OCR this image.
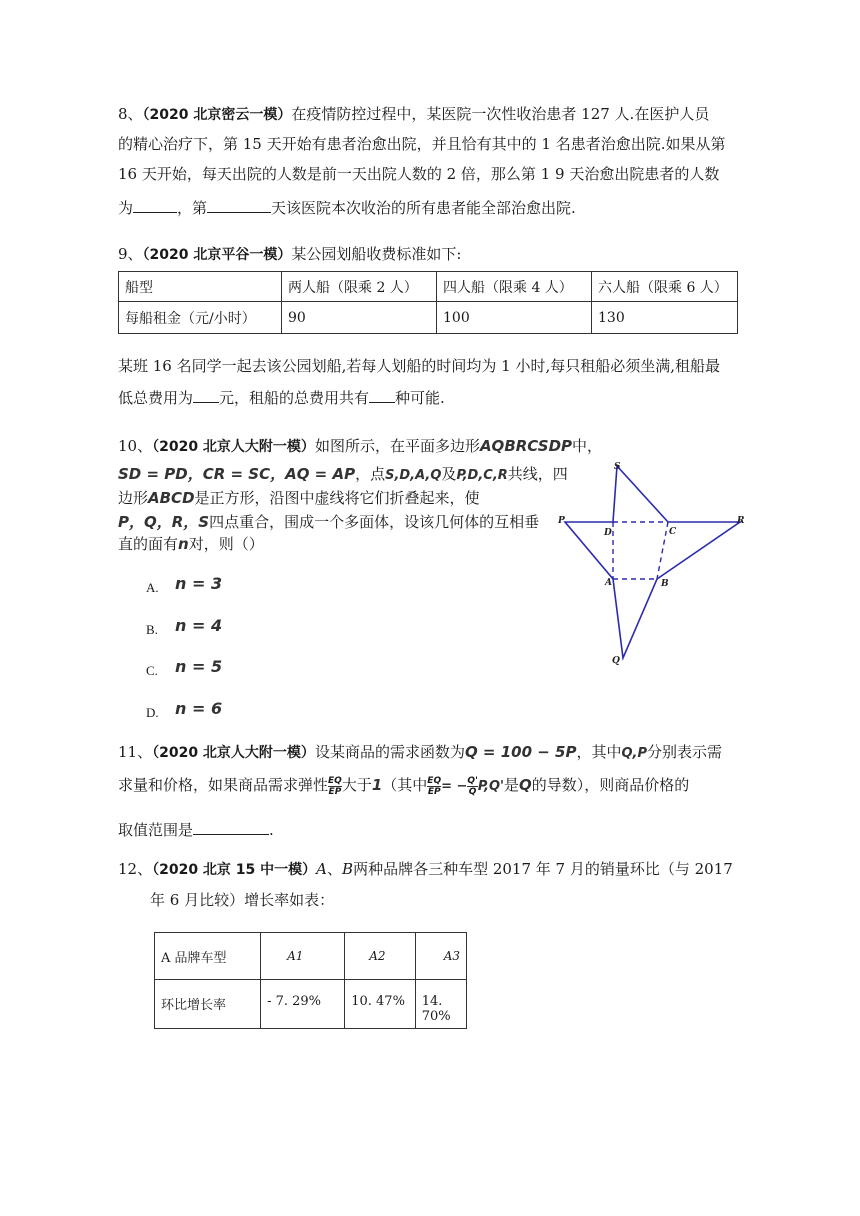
8、（2020 北京密云一模）在疫情防控过程中，某医院一次性收治患者 127 人.在医护人员
的精心治疗下，第 15 天开始有患者治愈出院，并且恰有其中的 1 名患者治愈出院.如果从第
16 天开始，每天出院的人数是前一天出院人数的 2 倍，那么第 1 9 天治愈出院患者的人数
为	，第	天该医院本次收治的所有患者能全部治愈出院.
9、（2020 北京平谷一模）某公园划船收费标准如下:
船型	两人船（限乘 2 人）	四人船（限乘 4 人）	六人船（限乘 6 人）
每船租金（元/小时）	90	100	130
某班 16 名同学一起去该公园划船,若每人划船的时间均为 1 小时,每只租船必须坐满,租船最
低总费用为 元，租船的总费用共有 种可能.
10、（2020 北京人大附一模）如图所示，在平面多边形AQBRCSDP中，
SD = PD，CR = SC，AQ = AP，点S,D,A,Q及P,D,C,R共线，四
边形ABCD是正方形，沿图中虚线将它们折叠起来，使
P，Q，R，S四点重合，围成一个多面体，设该几何体的互相垂
直的面有n对，则（）
A. n = 3
B. n = 4
C. n = 5
D. n = 6
S
P
D	C
R
A	B
Q
11、（2020 北京人大附一模）设某商品的需求函数为Q = 100 − 5P，其中Q,P分别表示需
求量和价格，如果商品需求弹性 $\frac{EQ}{EP}$ 大于1（其中 $\frac{EQ}{EP}$ = − $\frac{Q'}{Q} P,Q'$是Q的导数），则商品价格的
取值范围是	.
12、（2020 北京 15 中一模）A、B两种品牌各三种车型 2017 年 7 月的销量环比（与 2017
年 6 月比较）增长率如表：
A 品牌车型	A1	A2	A3
环比增长率	- 7. 29%	10. 47%	14. 70%
